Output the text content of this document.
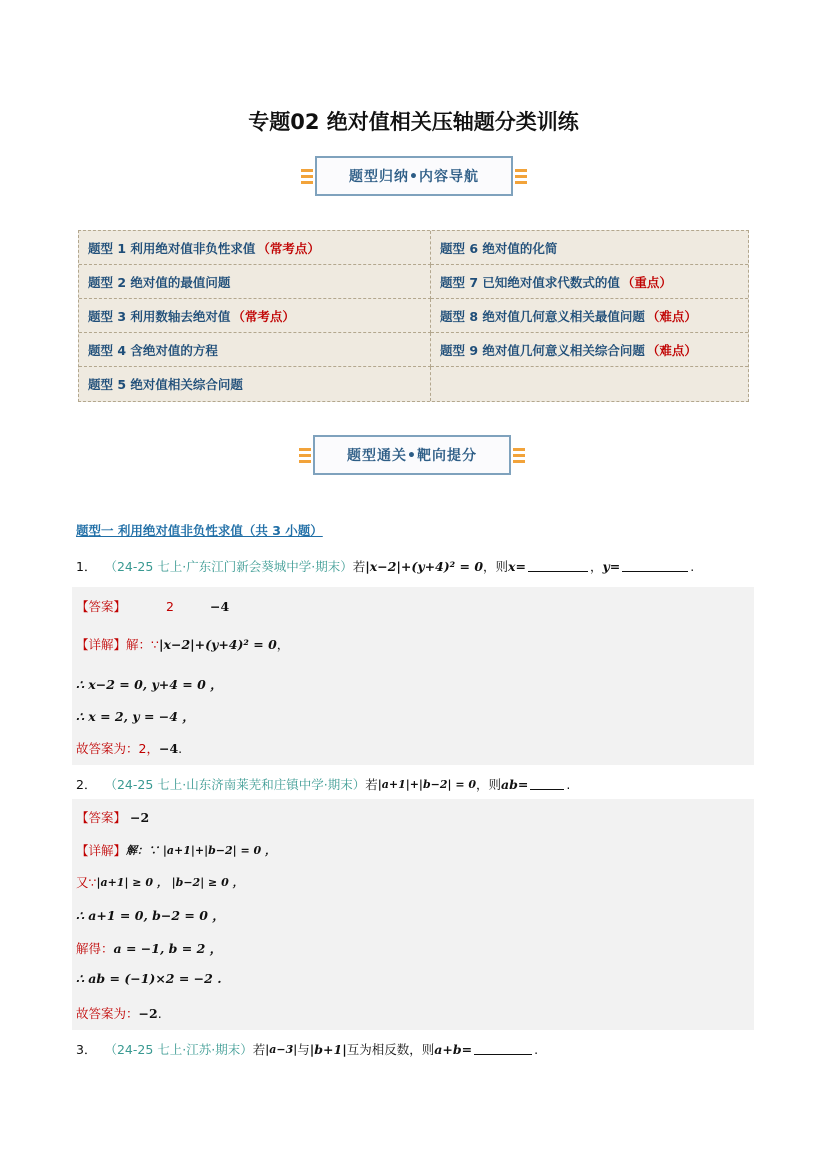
专题02 绝对值相关压轴题分类训练
题型归纳•内容导航
题型 1 利用绝对值非负性求值 （常考点）	题型 6 绝对值的化简
题型 2 绝对值的最值问题	题型 7 已知绝对值求代数式的值 （重点）
题型 3 利用数轴去绝对值 （常考点）	题型 8 绝对值几何意义相关最值问题 （难点）
题型 4 含绝对值的方程	题型 9 绝对值几何意义相关综合问题 （难点）
题型 5 绝对值相关综合问题
题型通关•靶向提分
题型一 利用绝对值非负性求值（共 3 小题）
1． （24-25 七上·广东江门新会葵城中学·期末） 若 |x−2|+(y+4)² = 0 ，则 x=	， y=	.
【答案】	2	−4
【详解】 解：∵ |x−2|+(y+4)² = 0 ，
∴ x−2 = 0, y+4 = 0 ，
∴ x = 2, y = −4 ，
故答案为： 2 ， −4 .
2． （24-25 七上·山东济南莱芜和庄镇中学·期末） 若 |a+1|+|b−2| = 0 ，则 ab =	.
【答案】 −2
【详解】 解：∵ |a+1|+|b−2| = 0 ，
又∵ |a+1| ≥ 0 ， |b−2| ≥ 0 ，
∴ a+1 = 0, b−2 = 0 ，
解得： a = −1, b = 2 ，
∴ ab = (−1)×2 = −2 .
故答案为： −2 .
3． （24-25 七上·江苏·期末） 若 |a−3| 与 |b+1| 互为相反数，则 a+b =	.
